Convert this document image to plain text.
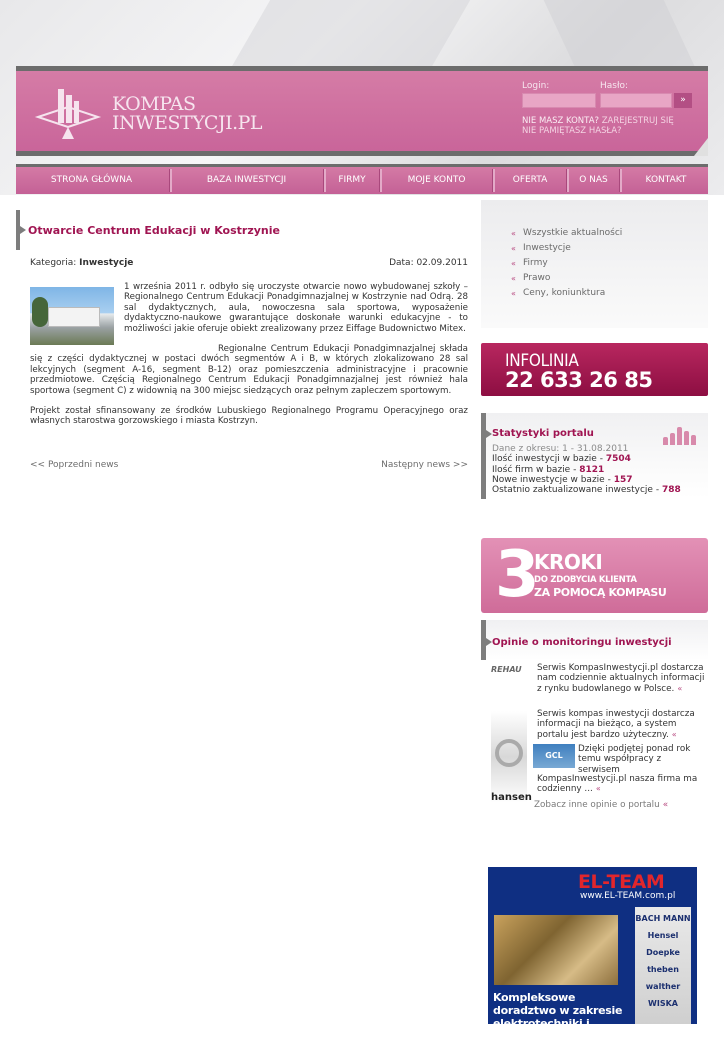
KOMPAS
INWESTYCJI.PL
Login:	Hasło:
»
NIE MASZ KONTA? ZAREJESTRUJ SIĘ
NIE PAMIĘTASZ HASŁA?
STRONA GŁÓWNA	BAZA INWESTYCJI	FIRMY	MOJE KONTO	OFERTA	O NAS	KONTAKT
Otwarcie Centrum Edukacji w Kostrzynie
Kategoria: Inwestycje	Data: 02.09.2011

1 września 2011 r. odbyło się uroczyste otwarcie nowo wybudowanej szkoły – Regionalnego Centrum Edukacji Ponadgimnazjalnej w Kostrzynie nad Odrą. 28 sal dydaktycznych, aula, nowoczesna sala sportowa, wyposażenie dydaktyczno-naukowe gwarantujące doskonałe warunki edukacyjne - to możliwości jakie oferuje obiekt zrealizowany przez Eiffage Budownictwo Mitex.

Regionalne Centrum Edukacji Ponadgimnazjalnej składa się z części dydaktycznej w postaci dwóch segmentów A i B, w których zlokalizowano 28 sal lekcyjnych (segment A-16, segment B-12) oraz pomieszczenia administracyjne i pracownie przedmiotowe. Częścią Regionalnego Centrum Edukacji Ponadgimnazjalnej jest również hala sportowa (segment C) z widownią na 300 miejsc siedzących oraz pełnym zapleczem sportowym.

Projekt został sfinansowany ze środków Lubuskiego Regionalnego Programu Operacyjnego oraz własnych starostwa gorzowskiego i miasta Kostrzyn.

<< Poprzedni news	Następny news >>
« Wszystkie aktualności
« Inwestycje
« Firmy
« Prawo
« Ceny, koniunktura
INFOLINIA
22 633 26 85
Statystyki portalu
Dane z okresu: 1 - 31.08.2011
Ilość inwestycji w bazie - 7504
Ilość firm w bazie - 8121
Nowe inwestycje w bazie - 157
Ostatnio zaktualizowane inwestycje - 788
3
KROKI
DO ZDOBYCIA KLIENTA
ZA POMOCĄ KOMPASU
Opinie o monitoringu inwestycji
REHAU	Serwis KompasInwestycji.pl dostarcza nam codziennie aktualnych informacji z rynku budowlanego w Polsce. «
Serwis kompas inwestycji dostarcza informacji na bieżąco, a system portalu jest bardzo użyteczny. «
hansen
GCL
Dzięki podjętej ponad rok temu współpracy z serwisem
KompasInwestycji.pl nasza firma ma codzienny ... «
Zobacz inne opinie o portalu «
EL-TEAM
www.EL-TEAM.com.pl
BACH MANN
Hensel
Doepke
theben
walther
WISKA
Kompleksowe doradztwo w zakresie elektrotechniki i automatyki budynków
